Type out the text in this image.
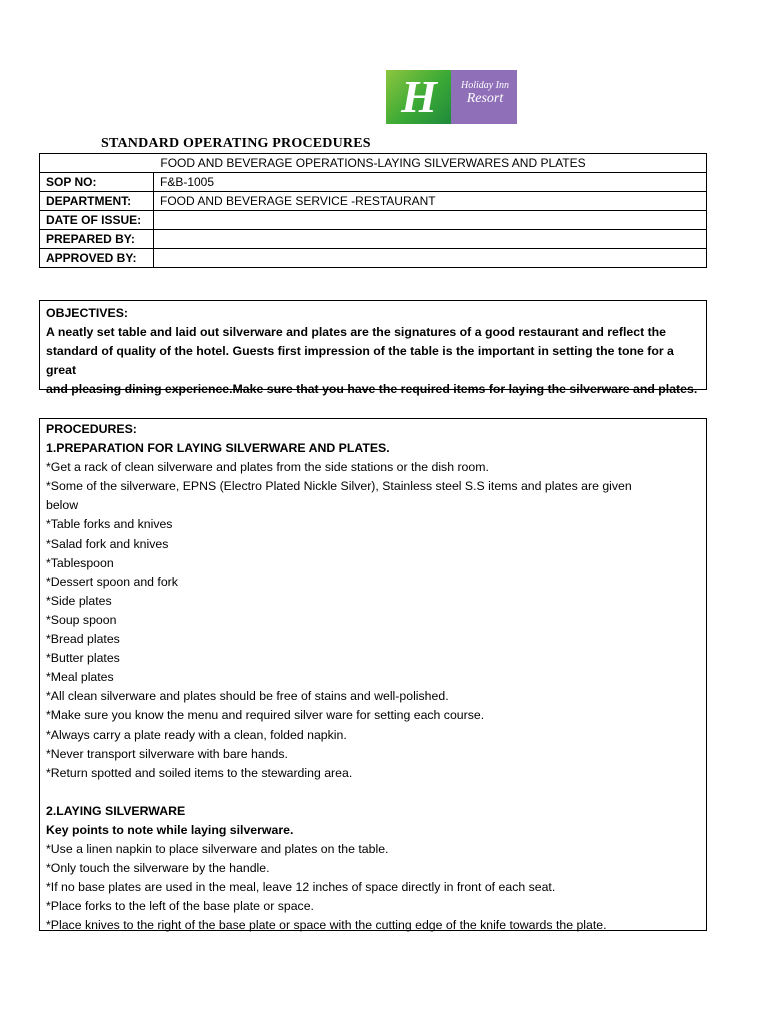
H	Holiday Inn
Resort
STANDARD OPERATING PROCEDURES
FOOD AND BEVERAGE OPERATIONS-LAYING SILVERWARES AND PLATES	
SOP NO:	F&B-1005
DEPARTMENT:	FOOD AND BEVERAGE SERVICE -RESTAURANT
DATE OF ISSUE:	
PREPARED BY:	
APPROVED BY:	
OBJECTIVES:
A neatly set table and laid out silverware and plates are the signatures of a good restaurant and reflect the
standard of quality of the hotel. Guests first impression of the table is the important in setting the tone for a great
and pleasing dining experience.Make sure that you have the required items for laying the silverware and plates.
PROCEDURES:
1.PREPARATION FOR LAYING SILVERWARE AND PLATES.
*Get a rack of clean silverware and plates from the side stations or the dish room.
*Some of the silverware, EPNS (Electro Plated Nickle Silver), Stainless steel S.S items and plates are given
below
*Table forks and knives
*Salad fork and knives
*Tablespoon
*Dessert spoon and fork
*Side plates
*Soup spoon
*Bread plates
*Butter plates
*Meal plates
*All clean silverware and plates should be free of stains and well-polished.
*Make sure you know the menu and required silver ware for setting each course.
*Always carry a plate ready with a clean, folded napkin.
*Never transport silverware with bare hands.
*Return spotted and soiled items to the stewarding area.
2.LAYING SILVERWARE
Key points to note while laying silverware.
*Use a linen napkin to place silverware and plates on the table.
*Only touch the silverware by the handle.
*If no base plates are used in the meal, leave 12 inches of space directly in front of each seat.
*Place forks to the left of the base plate or space.
*Place knives to the right of the base plate or space with the cutting edge of the knife towards the plate.
